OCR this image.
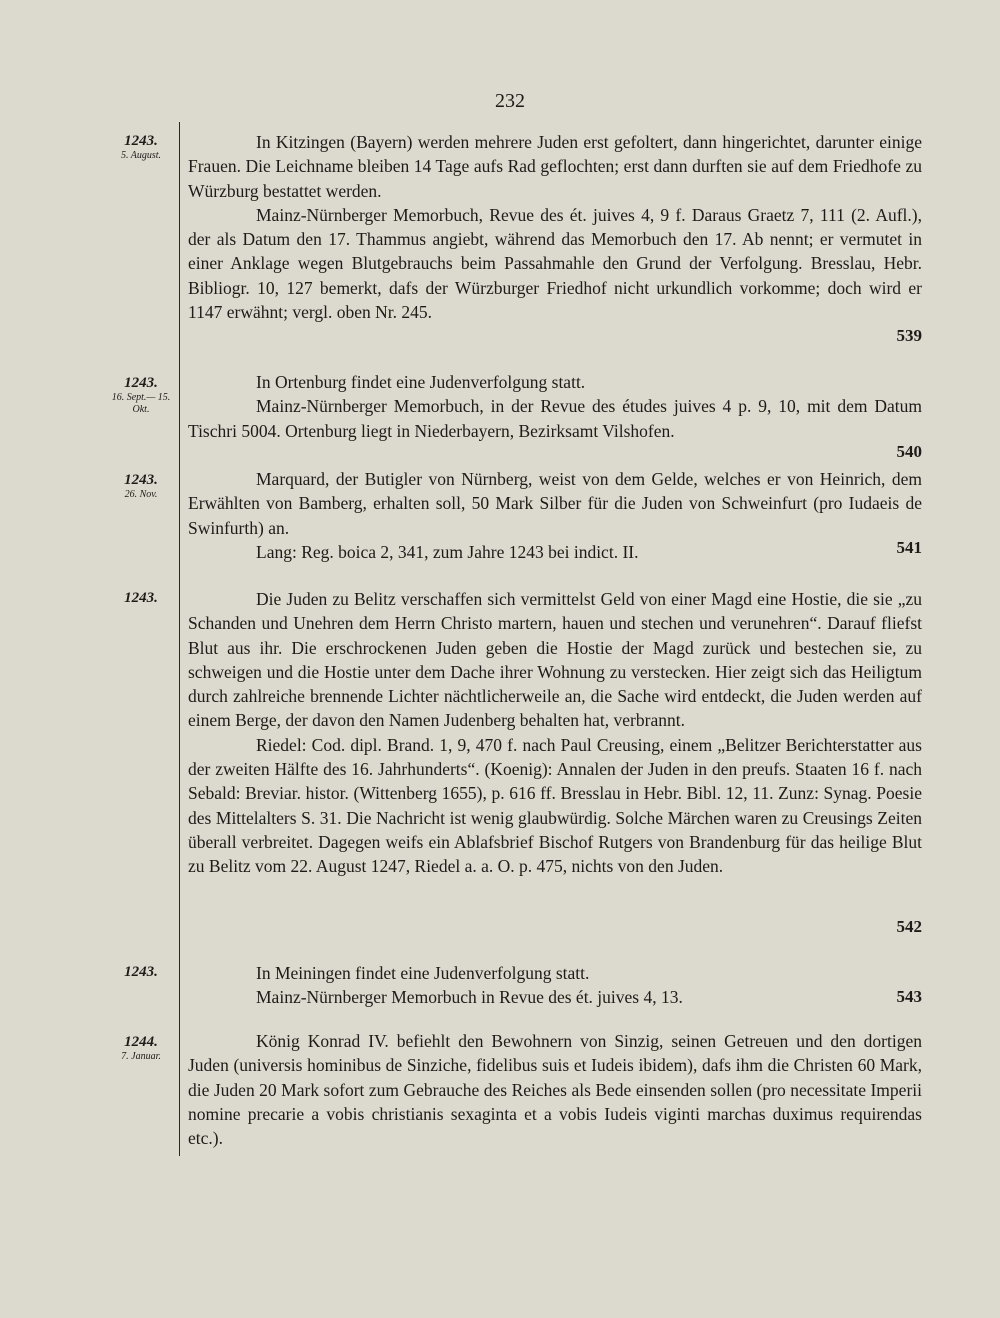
232
1243.
5. August.

In Kitzingen (Bayern) werden mehrere Juden erst gefoltert, dann hingerichtet, darunter einige Frauen. Die Leichname bleiben 14 Tage aufs Rad geflochten; erst dann durften sie auf dem Friedhofe zu Würzburg bestattet werden.

Mainz-Nürnberger Memorbuch, Revue des ét. juives 4, 9 f. Daraus Graetz 7, 111 (2. Aufl.), der als Datum den 17. Thammus angiebt, während das Memorbuch den 17. Ab nennt; er vermutet in einer Anklage wegen Blutgebrauchs beim Passahmahle den Grund der Verfolgung. Bresslau, Hebr. Bibliogr. 10, 127 bemerkt, dafs der Würzburger Friedhof nicht urkundlich vorkomme; doch wird er 1147 erwähnt; vergl. oben Nr. 245.

539
1243.
16. Sept.— 15. Okt.

In Ortenburg findet eine Judenverfolgung statt.

Mainz-Nürnberger Memorbuch, in der Revue des études juives 4 p. 9, 10, mit dem Datum Tischri 5004. Ortenburg liegt in Niederbayern, Bezirksamt Vilshofen.

540
1243.
26. Nov.

Marquard, der Butigler von Nürnberg, weist von dem Gelde, welches er von Heinrich, dem Erwählten von Bamberg, erhalten soll, 50 Mark Silber für die Juden von Schweinfurt (pro Iudaeis de Swinfurth) an.

Lang: Reg. boica 2, 341, zum Jahre 1243 bei indict. II.	541
1243.	Die Juden zu Belitz verschaffen sich vermittelst Geld von einer Magd eine Hostie, die sie „zu Schanden und Unehren dem Herrn Christo martern, hauen und stechen und verunehren“. Darauf fliefst Blut aus ihr. Die erschrockenen Juden geben die Hostie der Magd zurück und bestechen sie, zu schweigen und die Hostie unter dem Dache ihrer Wohnung zu verstecken. Hier zeigt sich das Heiligtum durch zahlreiche brennende Lichter nächtlicherweile an, die Sache wird entdeckt, die Juden werden auf einem Berge, der davon den Namen Judenberg behalten hat, verbrannt.

Riedel: Cod. dipl. Brand. 1, 9, 470 f. nach Paul Creusing, einem „Belitzer Berichterstatter aus der zweiten Hälfte des 16. Jahrhunderts“. (Koenig): Annalen der Juden in den preufs. Staaten 16 f. nach Sebald: Breviar. histor. (Wittenberg 1655), p. 616 ff. Bresslau in Hebr. Bibl. 12, 11. Zunz: Synag. Poesie des Mittelalters S. 31. Die Nachricht ist wenig glaubwürdig. Solche Märchen waren zu Creusings Zeiten überall verbreitet. Dagegen weifs ein Ablafsbrief Bischof Rutgers von Brandenburg für das heilige Blut zu Belitz vom 22. August 1247, Riedel a. a. O. p. 475, nichts von den Juden.

542
1243.	In Meiningen findet eine Judenverfolgung statt.

Mainz-Nürnberger Memorbuch in Revue des ét. juives 4, 13.	543
1244.
7. Januar.

König Konrad IV. befiehlt den Bewohnern von Sinzig, seinen Getreuen und den dortigen Juden (universis hominibus de Sinziche, fidelibus suis et Iudeis ibidem), dafs ihm die Christen 60 Mark, die Juden 20 Mark sofort zum Gebrauche des Reiches als Bede einsenden sollen (pro necessitate Imperii nomine precarie a vobis christianis sexaginta et a vobis Iudeis viginti marchas duximus requirendas etc.).
